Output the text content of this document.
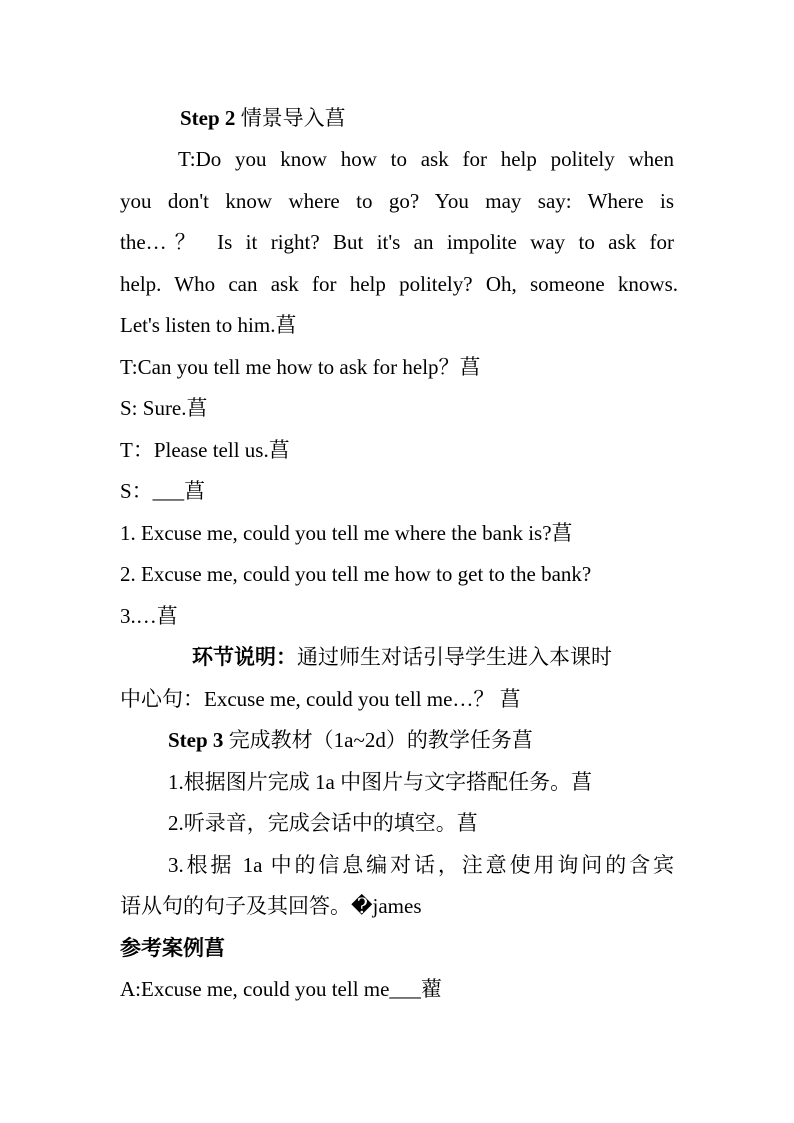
Step 2 情景导入菖
T:Do you know how to ask for help politely when
you don't know where to go? You may say: Where is
the…？ Is it right? But it's an impolite way to ask for
help. Who can ask for help politely? Oh, someone knows.
Let's listen to him.菖
T:Can you tell me how to ask for help？菖
S: Sure.菖
T：Please tell us.菖
S：___菖
1. Excuse me, could you tell me where the bank is?菖
2. Excuse me, could you tell me how to get to the bank?
3.…菖
环节说明：通过师生对话引导学生进入本课时
中心句：Excuse me, could you tell me…？ 菖
Step 3 完成教材（1a~2d）的教学任务菖
1.根据图片完成 1a 中图片与文字搭配任务。菖
2.听录音，完成会话中的填空。菖
3.根据 1a 中的信息编对话，注意使用询问的含宾
语从句的句子及其回答。�james
参考案例菖
A:Excuse me, could you tell me___藋
